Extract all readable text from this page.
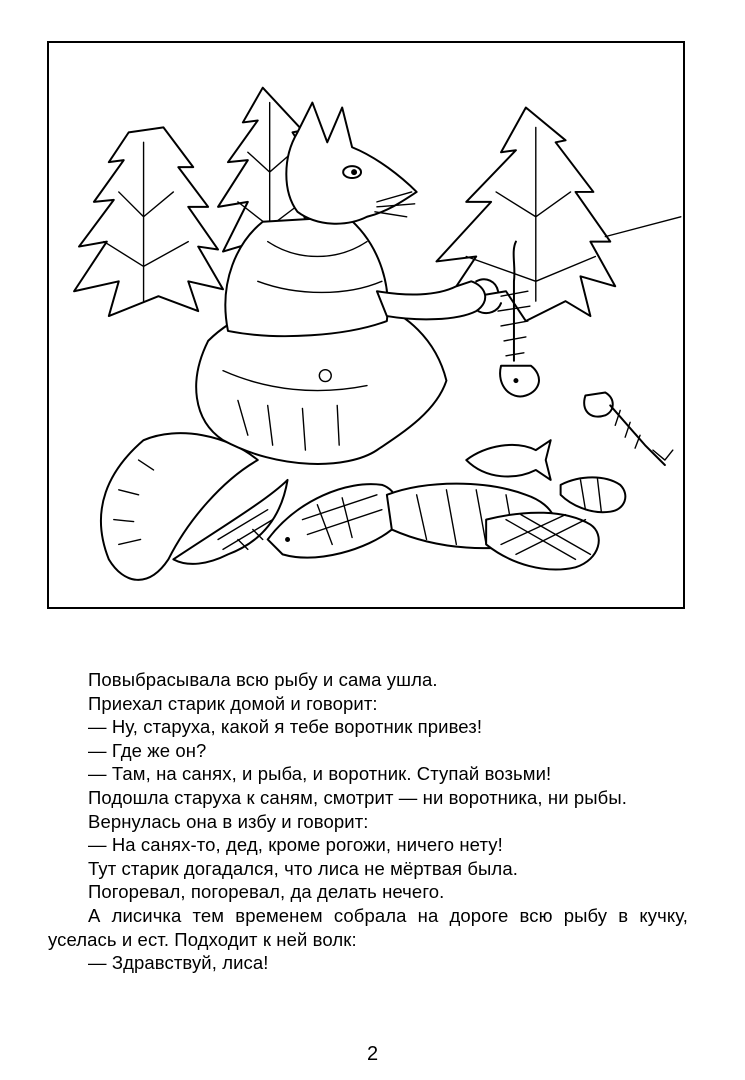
Повыбрасывала всю рыбу и сама ушла.

Приехал старик домой и говорит:

— Ну, старуха, какой я тебе воротник привез!

— Где же он?

— Там, на санях, и рыба, и воротник. Ступай возьми!

Подошла старуха к саням, смотрит — ни воротника, ни рыбы.

Вернулась она в избу и говорит:

— На санях-то, дед, кроме рогожи, ничего нету!

Тут старик догадался, что лиса не мёртвая была.

Погоревал, погоревал, да делать нечего.

А лисичка тем временем собрала на дороге всю рыбу в кучку, уселась и ест. Подходит к ней волк:

— Здравствуй, лиса!

2
